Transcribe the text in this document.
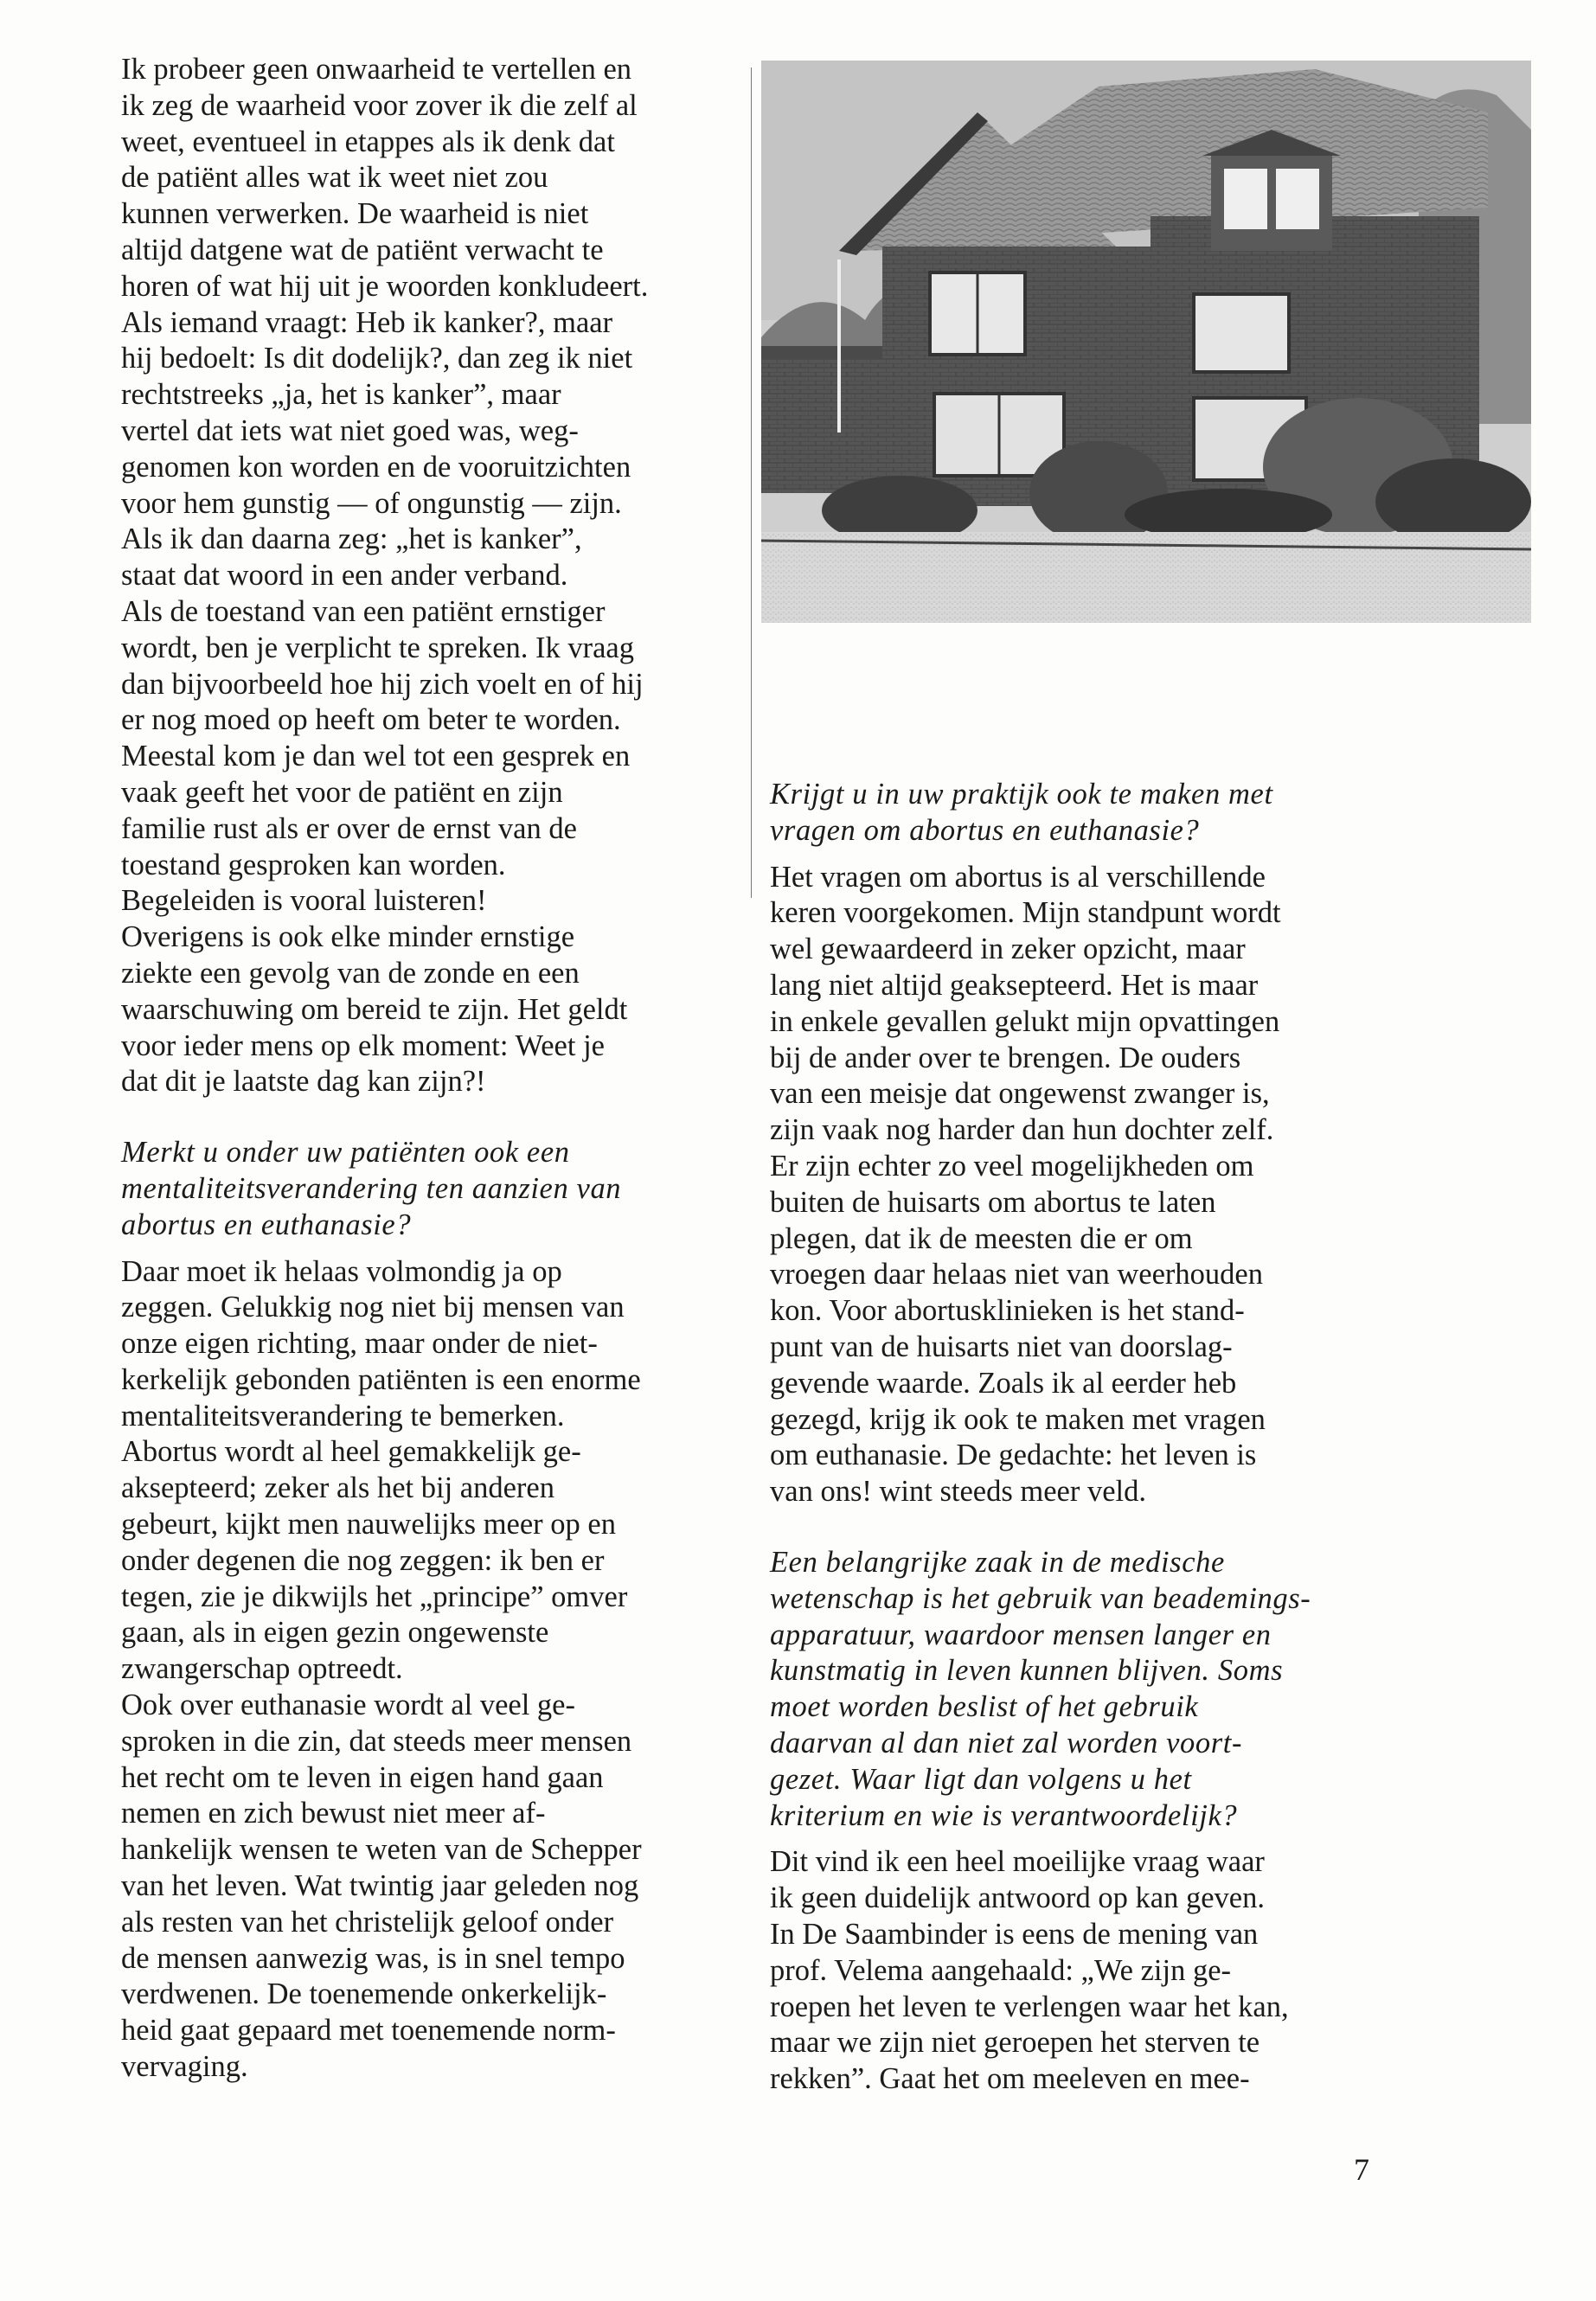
Ik probeer geen onwaarheid te vertellen en
ik zeg de waarheid voor zover ik die zelf al
weet, eventueel in etappes als ik denk dat
de patiënt alles wat ik weet niet zou
kunnen verwerken. De waarheid is niet
altijd datgene wat de patiënt verwacht te
horen of wat hij uit je woorden konkludeert.
Als iemand vraagt: Heb ik kanker?, maar
hij bedoelt: Is dit dodelijk?, dan zeg ik niet
rechtstreeks „ja, het is kanker”, maar
vertel dat iets wat niet goed was, weg-
genomen kon worden en de vooruitzichten
voor hem gunstig — of ongunstig — zijn.
Als ik dan daarna zeg: „het is kanker”,
staat dat woord in een ander verband.
Als de toestand van een patiënt ernstiger
wordt, ben je verplicht te spreken. Ik vraag
dan bijvoorbeeld hoe hij zich voelt en of hij
er nog moed op heeft om beter te worden.
Meestal kom je dan wel tot een gesprek en
vaak geeft het voor de patiënt en zijn
familie rust als er over de ernst van de
toestand gesproken kan worden.
Begeleiden is vooral luisteren!
Overigens is ook elke minder ernstige
ziekte een gevolg van de zonde en een
waarschuwing om bereid te zijn. Het geldt
voor ieder mens op elk moment: Weet je
dat dit je laatste dag kan zijn?!

Merkt u onder uw patiënten ook een
mentaliteitsverandering ten aanzien van
abortus en euthanasie?

Daar moet ik helaas volmondig ja op
zeggen. Gelukkig nog niet bij mensen van
onze eigen richting, maar onder de niet-
kerkelijk gebonden patiënten is een enorme
mentaliteitsverandering te bemerken.
Abortus wordt al heel gemakkelijk ge-
aksepteerd; zeker als het bij anderen
gebeurt, kijkt men nauwelijks meer op en
onder degenen die nog zeggen: ik ben er
tegen, zie je dikwijls het „principe” omver
gaan, als in eigen gezin ongewenste
zwangerschap optreedt.
Ook over euthanasie wordt al veel ge-
sproken in die zin, dat steeds meer mensen
het recht om te leven in eigen hand gaan
nemen en zich bewust niet meer af-
hankelijk wensen te weten van de Schepper
van het leven. Wat twintig jaar geleden nog
als resten van het christelijk geloof onder
de mensen aanwezig was, is in snel tempo
verdwenen. De toenemende onkerkelijk-
heid gaat gepaard met toenemende norm-
vervaging.

Krijgt u in uw praktijk ook te maken met
vragen om abortus en euthanasie?

Het vragen om abortus is al verschillende
keren voorgekomen. Mijn standpunt wordt
wel gewaardeerd in zeker opzicht, maar
lang niet altijd geaksepteerd. Het is maar
in enkele gevallen gelukt mijn opvattingen
bij de ander over te brengen. De ouders
van een meisje dat ongewenst zwanger is,
zijn vaak nog harder dan hun dochter zelf.
Er zijn echter zo veel mogelijkheden om
buiten de huisarts om abortus te laten
plegen, dat ik de meesten die er om
vroegen daar helaas niet van weerhouden
kon. Voor abortusklinieken is het stand-
punt van de huisarts niet van doorslag-
gevende waarde. Zoals ik al eerder heb
gezegd, krijg ik ook te maken met vragen
om euthanasie. De gedachte: het leven is
van ons! wint steeds meer veld.

Een belangrijke zaak in de medische
wetenschap is het gebruik van beademings-
apparatuur, waardoor mensen langer en
kunstmatig in leven kunnen blijven. Soms
moet worden beslist of het gebruik
daarvan al dan niet zal worden voort-
gezet. Waar ligt dan volgens u het
kriterium en wie is verantwoordelijk?

Dit vind ik een heel moeilijke vraag waar
ik geen duidelijk antwoord op kan geven.
In De Saambinder is eens de mening van
prof. Velema aangehaald: „We zijn ge-
roepen het leven te verlengen waar het kan,
maar we zijn niet geroepen het sterven te
rekken”. Gaat het om meeleven en mee-

7
